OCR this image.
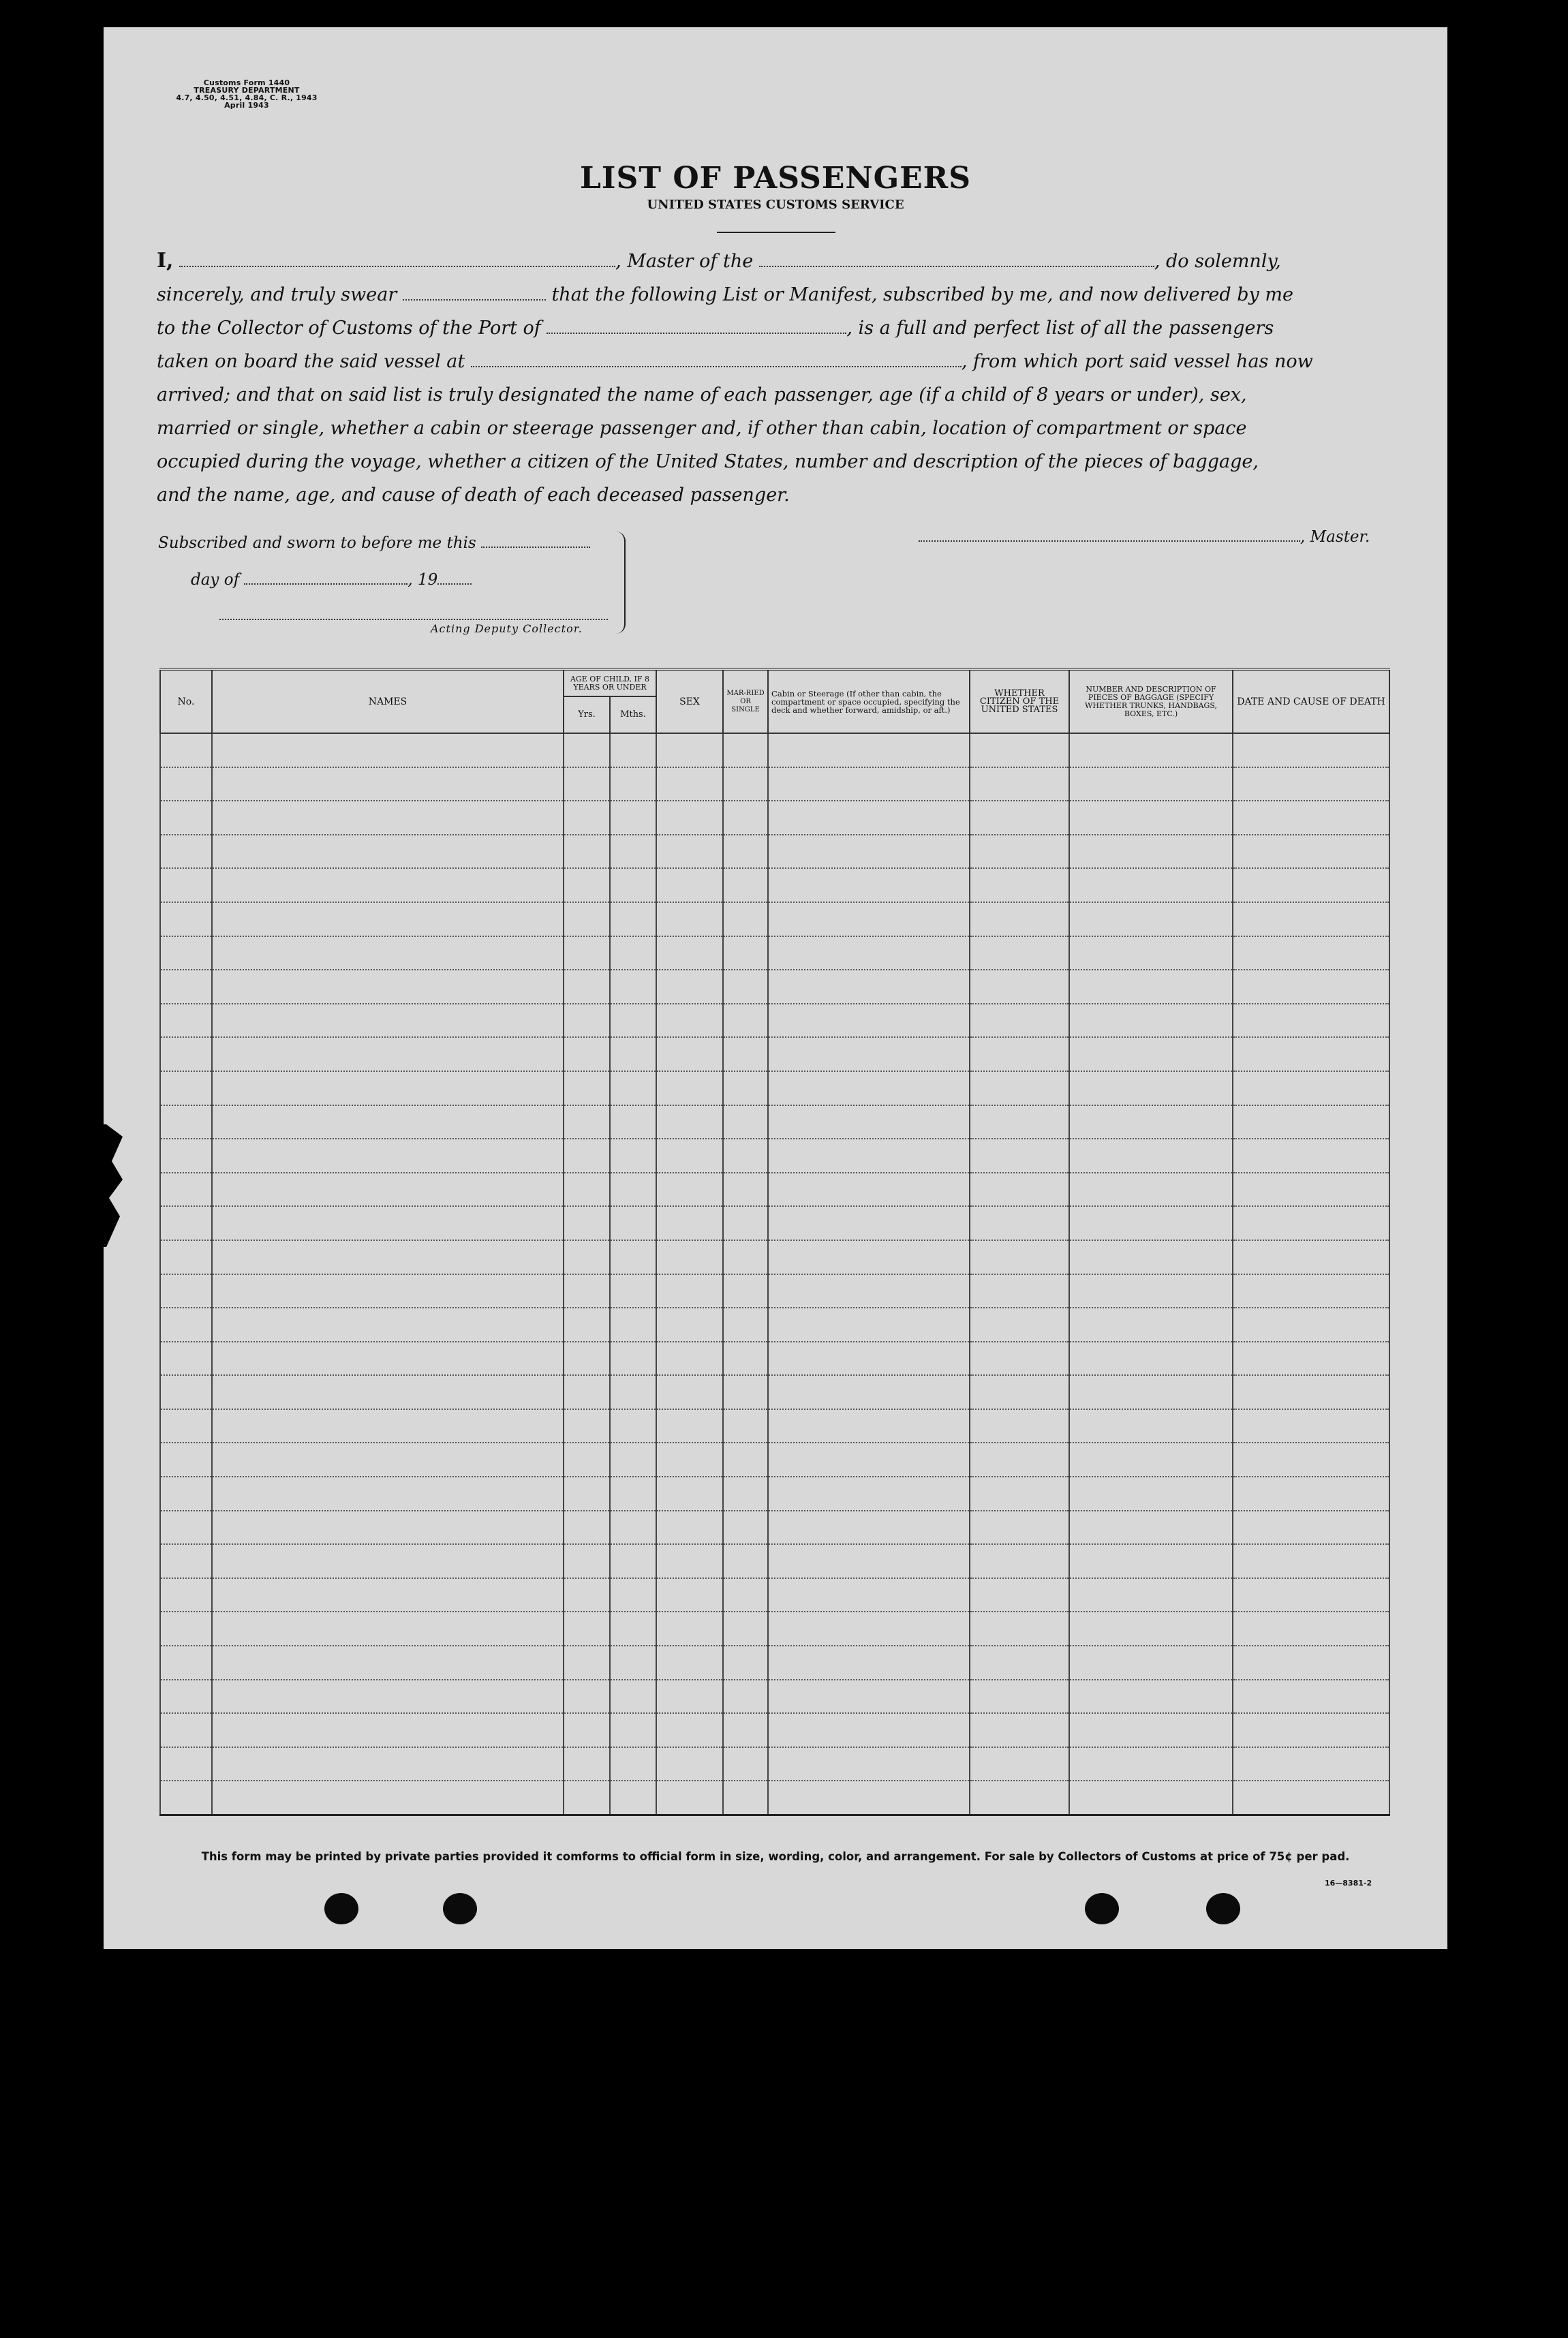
Customs Form 1440
TREASURY DEPARTMENT
4.7, 4.50, 4.51, 4.84, C. R., 1943
April 1943
LIST OF PASSENGERS
UNITED STATES CUSTOMS SERVICE
I,	, Master of the	, do solemnly,
sincerely, and truly swear	that the following List or Manifest, subscribed by me, and now delivered by me
to the Collector of Customs of the Port of	, is a full and perfect list of all the passengers
taken on board the said vessel at	, from which port said vessel has now
arrived; and that on said list is truly designated the name of each passenger, age (if a child of 8 years or under), sex,
married or single, whether a cabin or steerage passenger and, if other than cabin, location of compartment or space
occupied during the voyage, whether a citizen of the United States, number and description of the pieces of baggage,
and the name, age, and cause of death of each deceased passenger.
Subscribed and sworn to before me this
day of	, 19
Acting Deputy Collector.
, Master.
No.	NAMES	AGE OF CHILD, IF 8 YEARS OR UNDER		SEX	MAR-RIED OR SINGLE	Cabin or Steerage (If other than cabin, the compartment or space occupied, specifying the deck and whether forward, amidship, or aft.)	WHETHER CITIZEN OF THE UNITED STATES	NUMBER AND DESCRIPTION OF PIECES OF BAGGAGE (SPECIFY WHETHER TRUNKS, HANDBAGS, BOXES, ETC.)	DATE AND CAUSE OF DEATH
		Yrs.	Mths.						

This form may be printed by private parties provided it comforms to official form in size, wording, color, and arrangement. For sale by Collectors of Customs at price of 75¢ per pad.
16—8381-2
